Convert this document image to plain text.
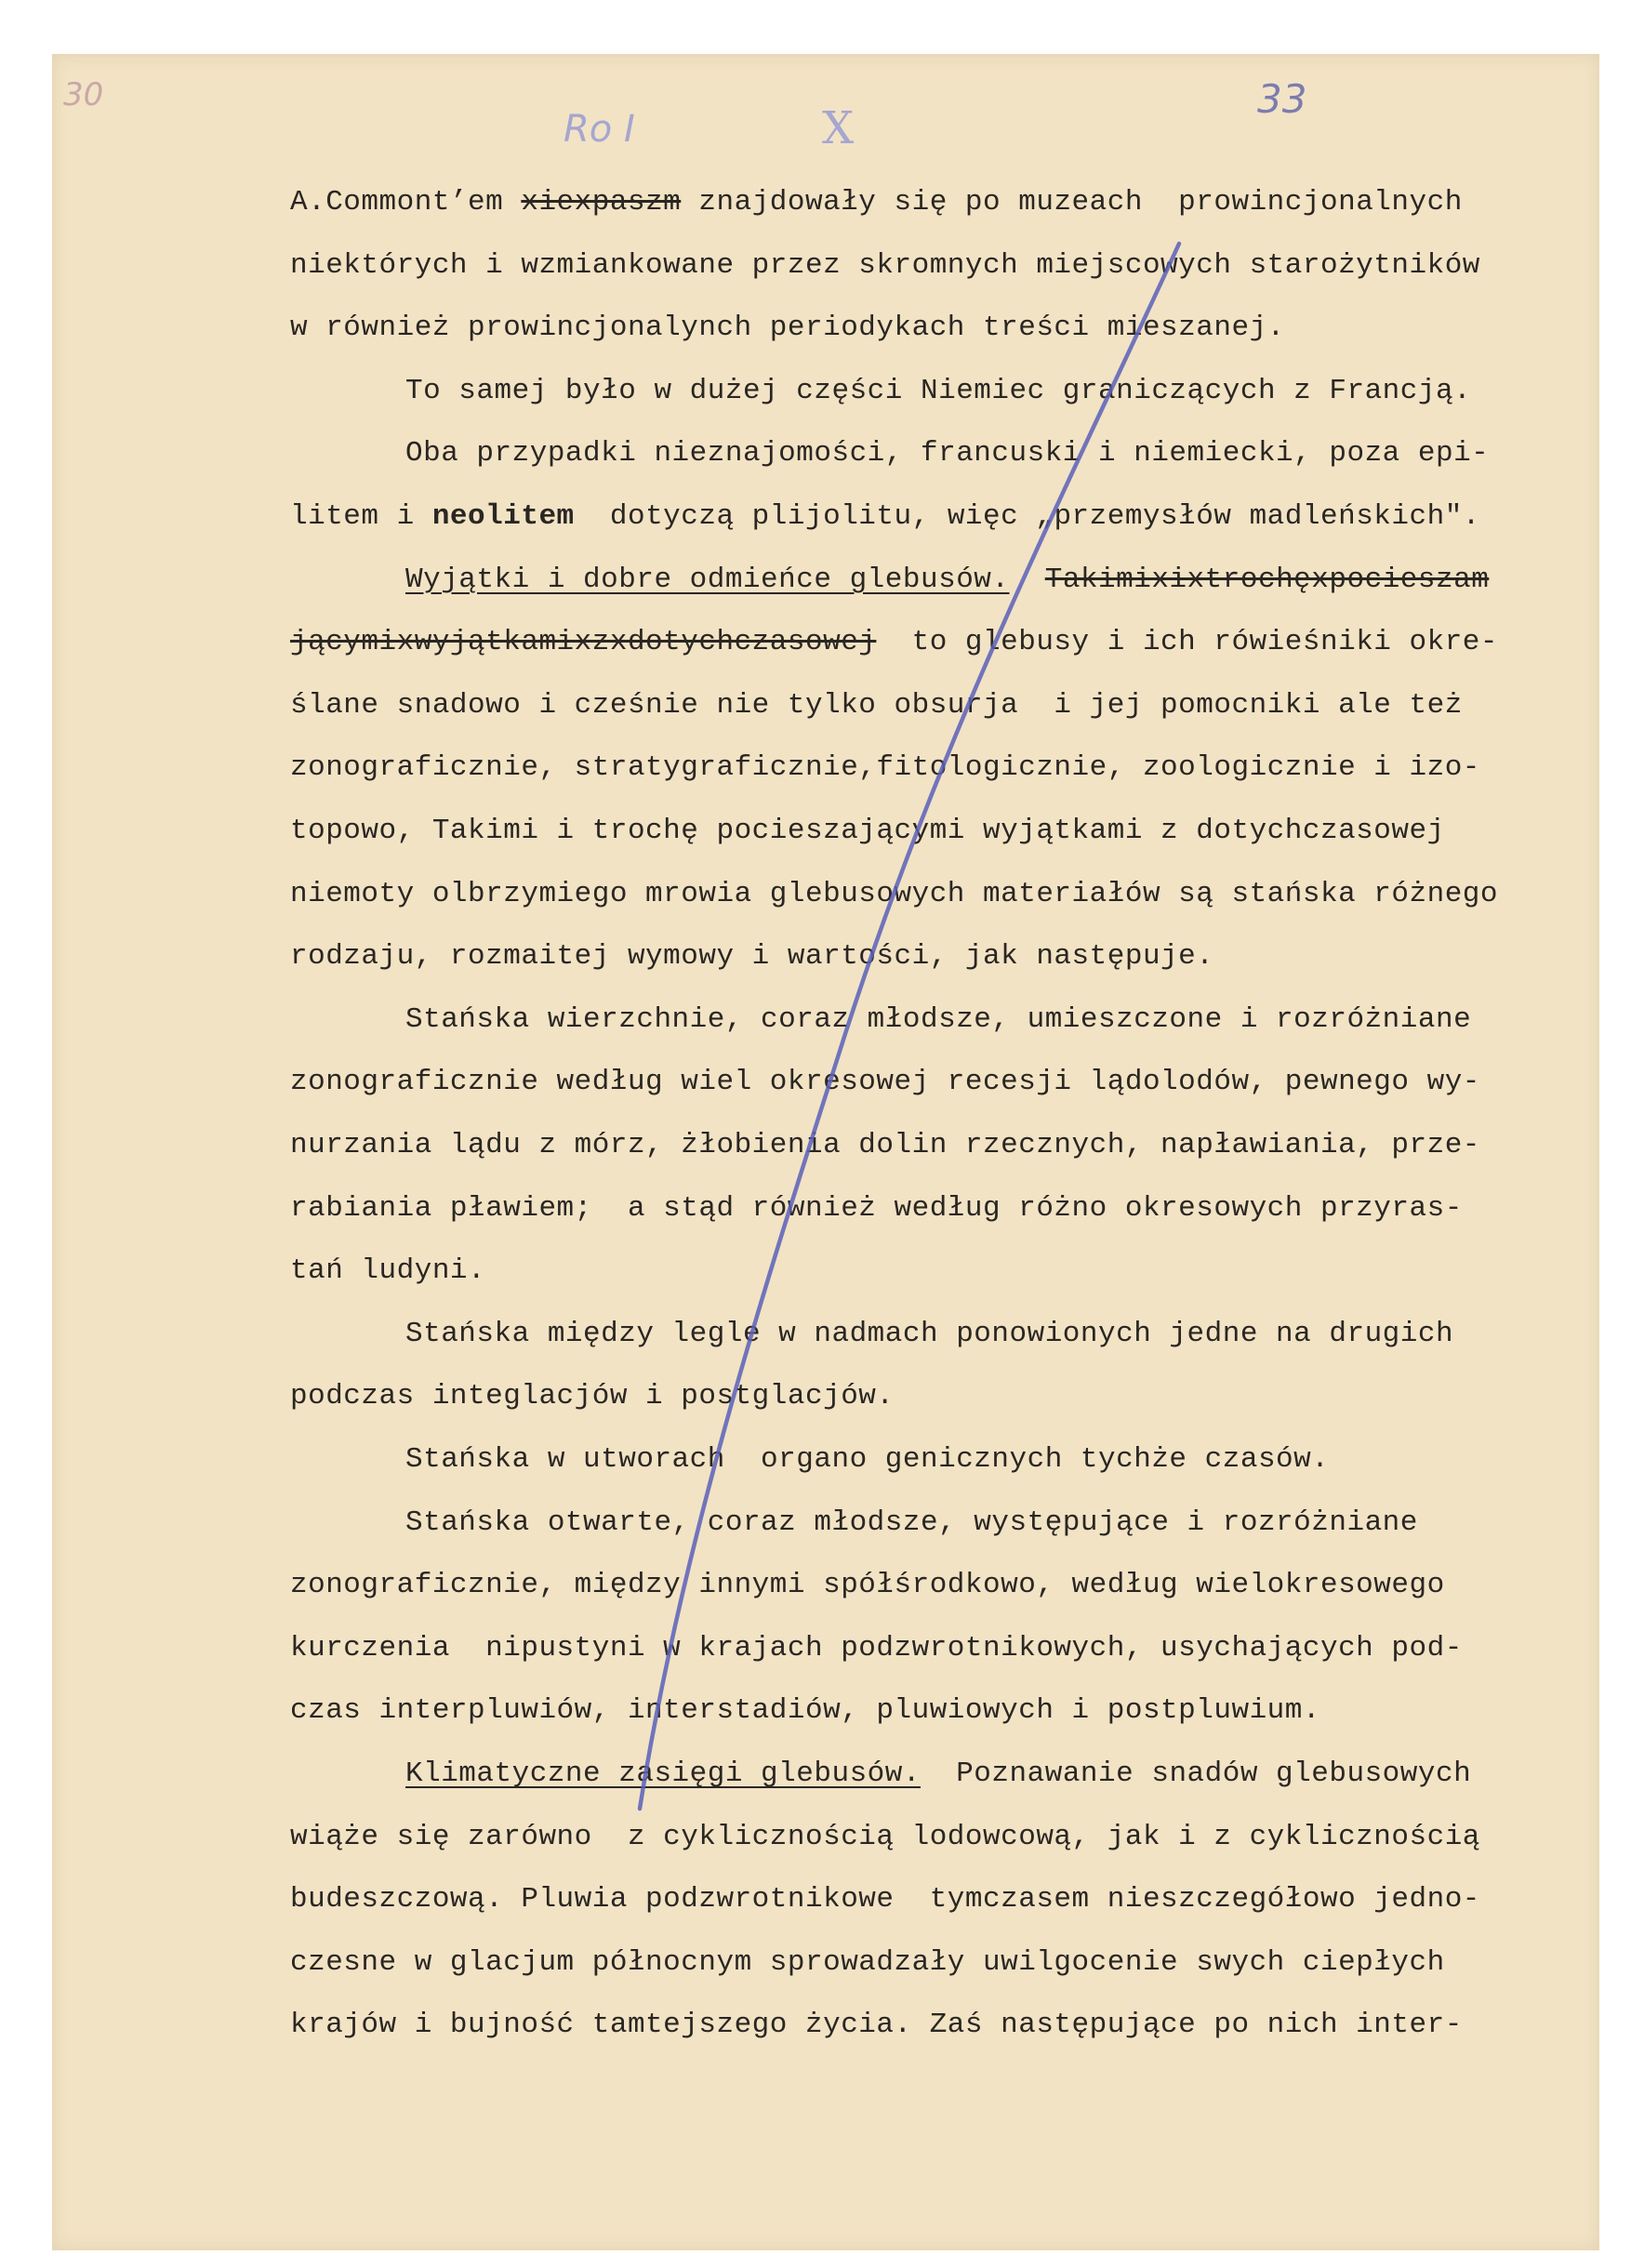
30	33
Ro I	X
A.Commont’em xiexpaszm znajdowały się po muzeach  prowincjonalnych
niektórych i wzmiankowane przez skromnych miejscowych starożytników
w również prowincjonalynch periodykach treści mieszanej.
To samej było w dużej części Niemiec graniczących z Francją.
Oba przypadki nieznajomości, francuski i niemiecki, poza epi-
litem i neolitem  dotyczą plijolitu, więc „przemysłów madleńskich".
Wyjątki i dobre odmieńce glebusów. Takimixixtrochęxpocieszam
jącymixwyjątkamixzxdotychczasowej  to glebusy i ich rówieśniki okre-
ślane snadowo i cześnie nie tylko obsurja  i jej pomocniki ale też
zonograficznie, stratygraficznie,fitologicznie, zoologicznie i izo-
topowo, Takimi i trochę pocieszającymi wyjątkami z dotychczasowej
niemoty olbrzymiego mrowia glebusowych materiałów są stańska różnego
rodzaju, rozmaitej wymowy i wartości, jak następuje.
Stańska wierzchnie, coraz młodsze, umieszczone i rozróżniane
zonograficznie według wiel okresowej recesji lądolodów, pewnego wy-
nurzania lądu z mórz, żłobienia dolin rzecznych, napławiania, prze-
rabiania pławiem;  a stąd również według różno okresowych przyras-
tań ludyni.
Stańska między legle w nadmach ponowionych jedne na drugich
podczas integlacjów i postglacjów.
Stańska w utworach  organo genicznych tychże czasów.
Stańska otwarte, coraz młodsze, występujące i rozróżniane
zonograficznie, między innymi spółśrodkowo, według wielokresowego
kurczenia  nipustyni w krajach podzwrotnikowych, usychających pod-
czas interpluwiów, interstadiów, pluwiowych i postpluwium.
Klimatyczne zasięgi glebusów.  Poznawanie snadów glebusowych
wiąże się zarówno  z cyklicznością lodowcową, jak i z cyklicznością
budeszczową. Pluwia podzwrotnikowe  tymczasem nieszczegółowo jedno-
czesne w glacjum północnym sprowadzały uwilgocenie swych ciepłych
krajów i bujność tamtejszego życia. Zaś następujące po nich inter-
